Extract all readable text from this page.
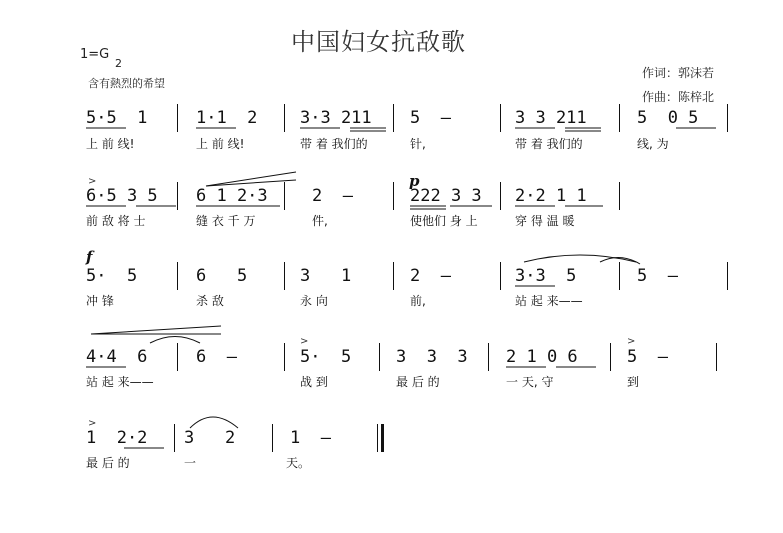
中国妇女抗敌歌
1=G
2
含有熱烈的希望
作词：郭沫若
作曲：陈梓北
5·5  1	1·1  2	3·3 211 5  –	3 3 211	5  0 5
上 前 线!	上 前 线!	带 着 我们的	针,	带 着 我们的	线, 为
>	p
6·5 3 5 6 1 2·3	2  –	222 3 3 2·2 1 1
前 敌 将 士	缝 衣 千 万	件,	使他们 身 上	穿 得 温 暖
f
5·  5	6   5	3   1	2  –	3·3  5	5  –
冲 锋	杀 敌	永 向	前,	站 起 来——
>	>
4·4  6	6  –	5·  5	3  3  3 2 1 0 6	5  –
站 起 来——	战 到	最 后 的	一 天, 守	到
>
1  2·2 3   2	1  –
最 后 的	一	天。
